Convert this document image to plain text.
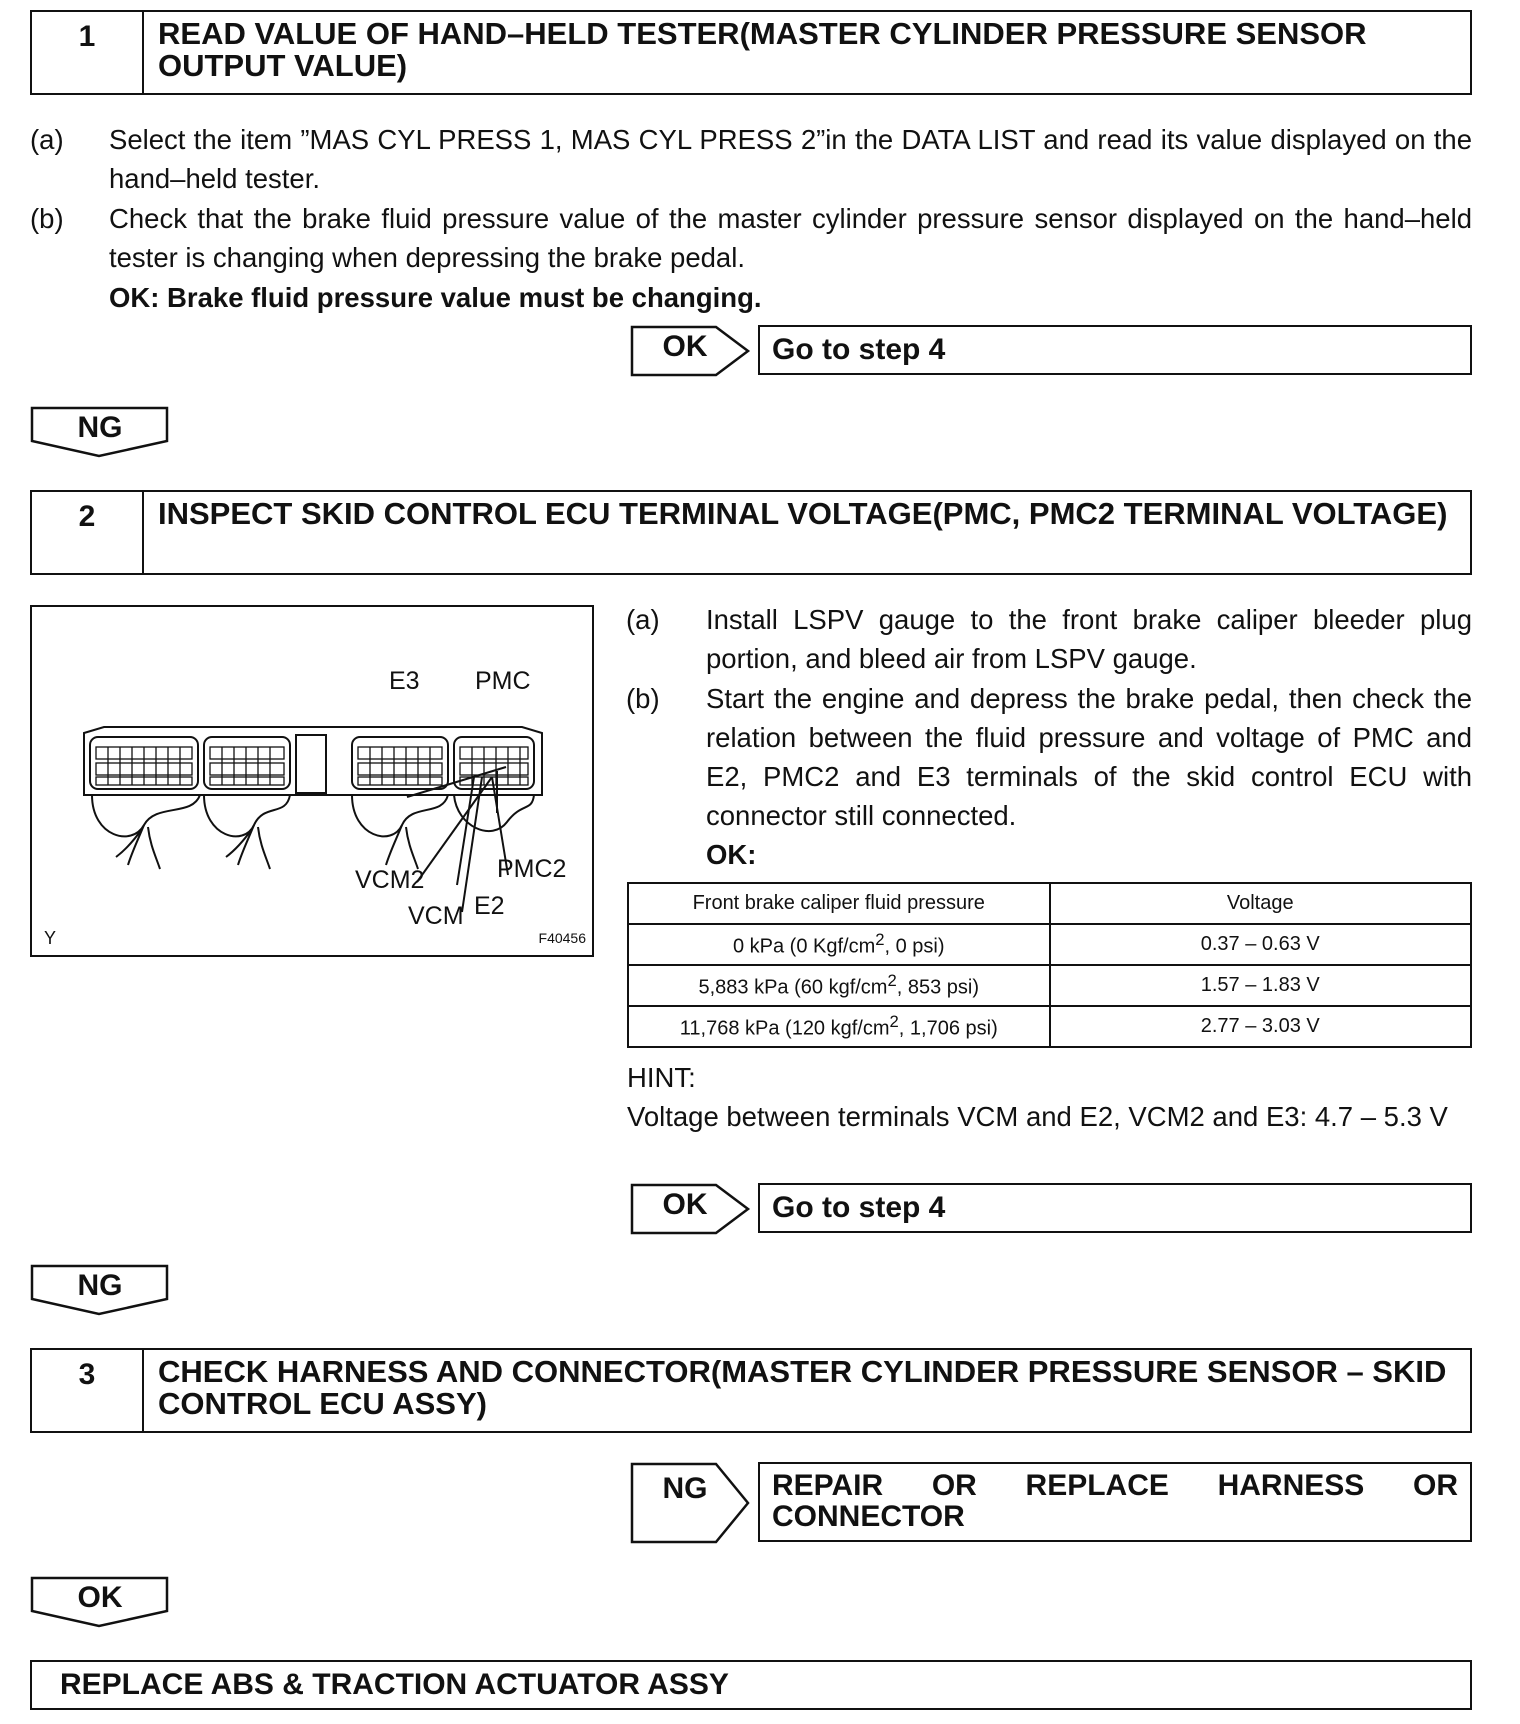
1	READ VALUE OF HAND–HELD TESTER(MASTER CYLINDER PRESSURE SENSOR OUTPUT VALUE)
(a) Select the item ”MAS CYL PRESS 1, MAS CYL PRESS 2”in the DATA LIST and read its value displayed on the hand–held tester.
(b) Check that the brake fluid pressure value of the master cylinder pressure sensor displayed on the hand–held tester is changing when depressing the brake pedal.
OK: Brake fluid pressure value must be changing.
OK	Go to step 4
NG
2	INSPECT SKID CONTROL ECU TERMINAL VOLTAGE(PMC, PMC2 TERMINAL VOLTAGE)
E3 PMC
VCM2	PMC2
VCM E2
Y	F40456
(a) Install LSPV gauge to the front brake caliper bleeder plug portion, and bleed air from LSPV gauge.
(b) Start the engine and depress the brake pedal, then check the relation between the fluid pressure and voltage of PMC and E2, PMC2 and E3 terminals of the skid control ECU with connector still connected.
OK:
Front brake caliper fluid pressure	Voltage
0 kPa (0 Kgf/$cm^2$, 0 psi)	0.37 – 0.63 V
5,883 kPa (60 kgf/$cm^2$, 853 psi)	1.57 – 1.83 V
11,768 kPa (120 kgf/$cm^2$, 1,706 psi)	2.77 – 3.03 V
HINT:
Voltage between terminals VCM and E2, VCM2 and E3: 4.7 – 5.3 V
OK	Go to step 4
NG
3	CHECK HARNESS AND CONNECTOR(MASTER CYLINDER PRESSURE SENSOR – SKID CONTROL ECU ASSY)
NG	REPAIR OR REPLACE HARNESS OR CONNECTOR
OK
REPLACE ABS & TRACTION ACTUATOR ASSY
